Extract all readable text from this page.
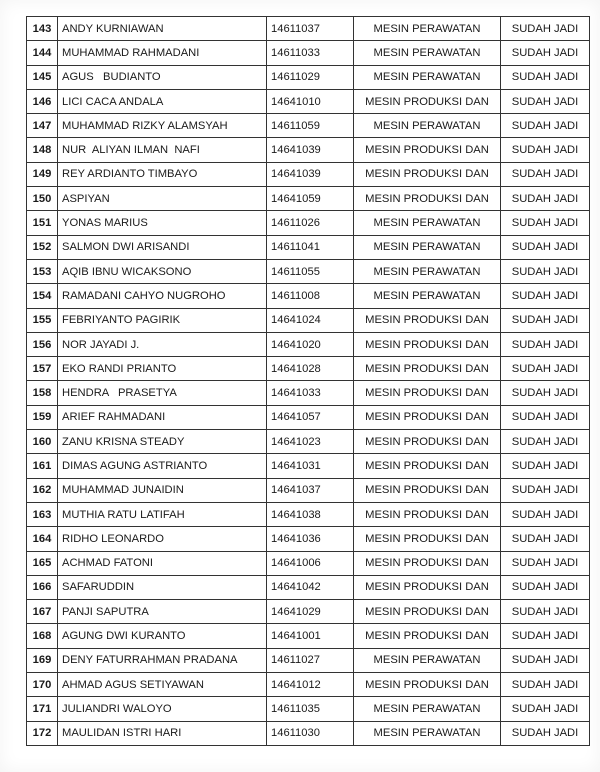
143	ANDY KURNIAWAN	14611037	MESIN PERAWATAN	SUDAH JADI
144	MUHAMMAD RAHMADANI	14611033	MESIN PERAWATAN	SUDAH JADI
145	AGUS   BUDIANTO	14611029	MESIN PERAWATAN	SUDAH JADI
146	LICI CACA ANDALA	14641010	MESIN PRODUKSI DAN	SUDAH JADI
147	MUHAMMAD RIZKY ALAMSYAH	14611059	MESIN PERAWATAN	SUDAH JADI
148	NUR  ALIYAN ILMAN  NAFI	14641039	MESIN PRODUKSI DAN	SUDAH JADI
149	REY ARDIANTO TIMBAYO	14641039	MESIN PRODUKSI DAN	SUDAH JADI
150	ASPIYAN	14641059	MESIN PRODUKSI DAN	SUDAH JADI
151	YONAS MARIUS	14611026	MESIN PERAWATAN	SUDAH JADI
152	SALMON DWI ARISANDI	14611041	MESIN PERAWATAN	SUDAH JADI
153	AQIB IBNU WICAKSONO	14611055	MESIN PERAWATAN	SUDAH JADI
154	RAMADANI CAHYO NUGROHO	14611008	MESIN PERAWATAN	SUDAH JADI
155	FEBRIYANTO PAGIRIK	14641024	MESIN PRODUKSI DAN	SUDAH JADI
156	NOR JAYADI J.	14641020	MESIN PRODUKSI DAN	SUDAH JADI
157	EKO RANDI PRIANTO	14641028	MESIN PRODUKSI DAN	SUDAH JADI
158	HENDRA   PRASETYA	14641033	MESIN PRODUKSI DAN	SUDAH JADI
159	ARIEF RAHMADANI	14641057	MESIN PRODUKSI DAN	SUDAH JADI
160	ZANU KRISNA STEADY	14641023	MESIN PRODUKSI DAN	SUDAH JADI
161	DIMAS AGUNG ASTRIANTO	14641031	MESIN PRODUKSI DAN	SUDAH JADI
162	MUHAMMAD JUNAIDIN	14641037	MESIN PRODUKSI DAN	SUDAH JADI
163	MUTHIA RATU LATIFAH	14641038	MESIN PRODUKSI DAN	SUDAH JADI
164	RIDHO LEONARDO	14641036	MESIN PRODUKSI DAN	SUDAH JADI
165	ACHMAD FATONI	14641006	MESIN PRODUKSI DAN	SUDAH JADI
166	SAFARUDDIN	14641042	MESIN PRODUKSI DAN	SUDAH JADI
167	PANJI SAPUTRA	14641029	MESIN PRODUKSI DAN	SUDAH JADI
168	AGUNG DWI KURANTO	14641001	MESIN PRODUKSI DAN	SUDAH JADI
169	DENY FATURRAHMAN PRADANA	14611027	MESIN PERAWATAN	SUDAH JADI
170	AHMAD AGUS SETIYAWAN	14641012	MESIN PRODUKSI DAN	SUDAH JADI
171	JULIANDRI WALOYO	14611035	MESIN PERAWATAN	SUDAH JADI
172	MAULIDAN ISTRI HARI	14611030	MESIN PERAWATAN	SUDAH JADI
